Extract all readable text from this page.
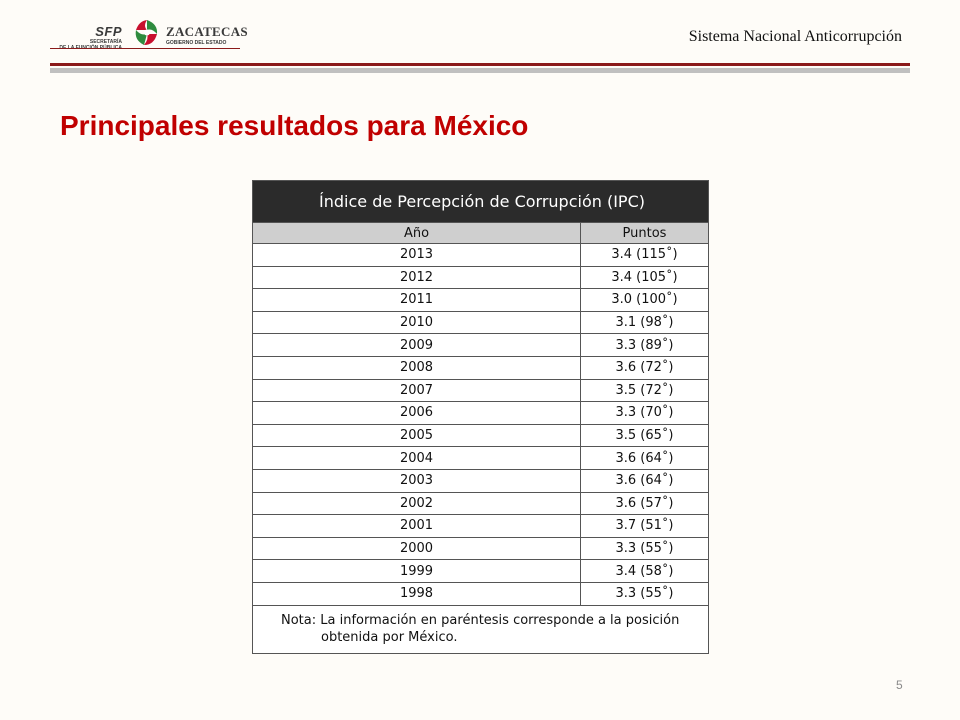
SFP
SECRETARÍA
ZACATECAS
GOBIERNO DEL ESTADO	Sistema Nacional Anticorrupción
Principales resultados para México
Índice de Percepción de Corrupción (IPC)	
Año	Puntos
2013	3.4 (115˚)
2012	3.4 (105˚)
2011	3.0 (100˚)
2010	3.1 (98˚)
2009	3.3 (89˚)
2008	3.6 (72˚)
2007	3.5 (72˚)
2006	3.3 (70˚)
2005	3.5 (65˚)
2004	3.6 (64˚)
2003	3.6 (64˚)
2002	3.6 (57˚)
2001	3.7 (51˚)
2000	3.3 (55˚)
1999	3.4 (58˚)
1998	3.3 (55˚)

Nota: La información en paréntesis corresponde a la posición
obtenida por México.	
5
